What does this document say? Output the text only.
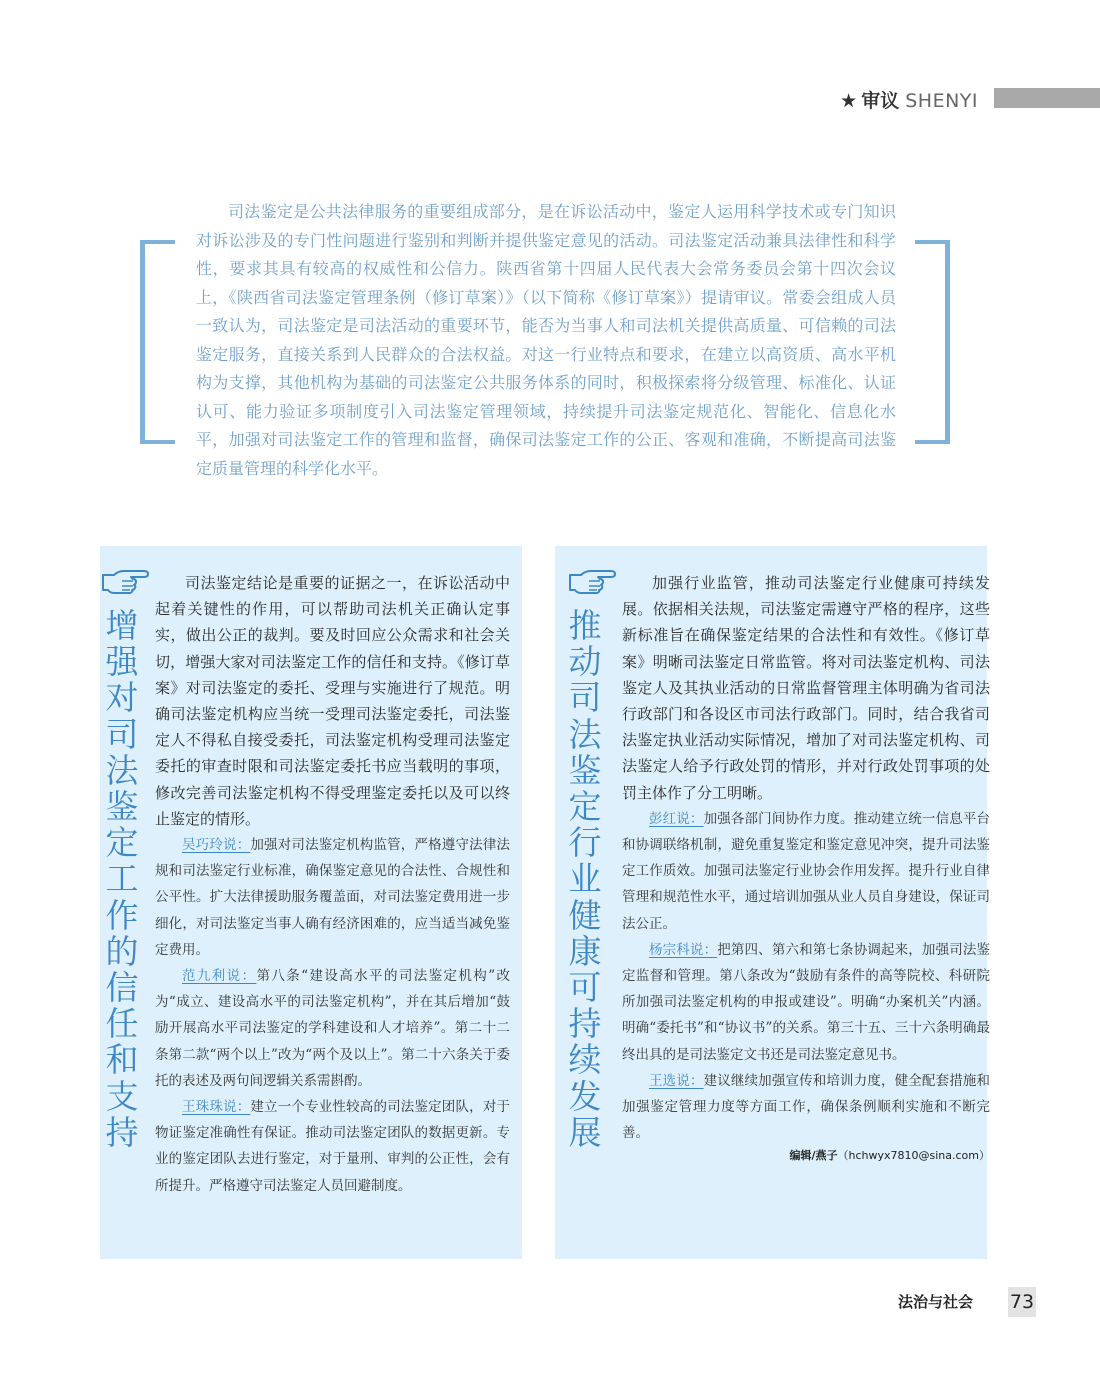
★ 审议 SHENYI

司法鉴定是公共法律服务的重要组成部分，是在诉讼活动中，鉴定人运用科学技术或专门知识对诉讼涉及的专门性问题进行鉴别和判断并提供鉴定意见的活动。司法鉴定活动兼具法律性和科学性，要求其具有较高的权威性和公信力。陕西省第十四届人民代表大会常务委员会第十四次会议上，《陕西省司法鉴定管理条例（修订草案）》（以下简称《修订草案》）提请审议。常委会组成人员一致认为，司法鉴定是司法活动的重要环节，能否为当事人和司法机关提供高质量、可信赖的司法鉴定服务，直接关系到人民群众的合法权益。对这一行业特点和要求，在建立以高资质、高水平机构为支撑，其他机构为基础的司法鉴定公共服务体系的同时，积极探索将分级管理、标准化、认证认可、能力验证多项制度引入司法鉴定管理领域，持续提升司法鉴定规范化、智能化、信息化水平，加强对司法鉴定工作的管理和监督，确保司法鉴定工作的公正、客观和准确，不断提高司法鉴定质量管理的科学化水平。

增强对司法鉴定工作的信任和支持

司法鉴定结论是重要的证据之一，在诉讼活动中起着关键性的作用，可以帮助司法机关正确认定事实，做出公正的裁判。要及时回应公众需求和社会关切，增强大家对司法鉴定工作的信任和支持。《修订草案》对司法鉴定的委托、受理与实施进行了规范。明确司法鉴定机构应当统一受理司法鉴定委托，司法鉴定人不得私自接受委托，司法鉴定机构受理司法鉴定委托的审查时限和司法鉴定委托书应当载明的事项，修改完善司法鉴定机构不得受理鉴定委托以及可以终止鉴定的情形。

吴巧玲说：加强对司法鉴定机构监管，严格遵守法律法规和司法鉴定行业标准，确保鉴定意见的合法性、合规性和公平性。扩大法律援助服务覆盖面，对司法鉴定费用进一步细化，对司法鉴定当事人确有经济困难的，应当适当减免鉴定费用。

范九利说：第八条“建设高水平的司法鉴定机构”改为“成立、建设高水平的司法鉴定机构”，并在其后增加“鼓励开展高水平司法鉴定的学科建设和人才培养”。第二十二条第二款“两个以上”改为“两个及以上”。第二十六条关于委托的表述及两句间逻辑关系需斟酌。

王珠珠说：建立一个专业性较高的司法鉴定团队，对于物证鉴定准确性有保证。推动司法鉴定团队的数据更新。专业的鉴定团队去进行鉴定，对于量刑、审判的公正性，会有所提升。严格遵守司法鉴定人员回避制度。

推动司法鉴定行业健康可持续发展

加强行业监管，推动司法鉴定行业健康可持续发展。依据相关法规，司法鉴定需遵守严格的程序，这些新标准旨在确保鉴定结果的合法性和有效性。《修订草案》明晰司法鉴定日常监管。将对司法鉴定机构、司法鉴定人及其执业活动的日常监督管理主体明确为省司法行政部门和各设区市司法行政部门。同时，结合我省司法鉴定执业活动实际情况，增加了对司法鉴定机构、司法鉴定人给予行政处罚的情形，并对行政处罚事项的处罚主体作了分工明晰。

彭红说：加强各部门间协作力度。推动建立统一信息平台和协调联络机制，避免重复鉴定和鉴定意见冲突，提升司法鉴定工作质效。加强司法鉴定行业协会作用发挥。提升行业自律管理和规范性水平，通过培训加强从业人员自身建设，保证司法公正。

杨宗科说：把第四、第六和第七条协调起来，加强司法鉴定监督和管理。第八条改为“鼓励有条件的高等院校、科研院所加强司法鉴定机构的申报或建设”。明确“办案机关”内涵。明确“委托书”和“协议书”的关系。第三十五、三十六条明确最终出具的是司法鉴定文书还是司法鉴定意见书。

王选说：建议继续加强宣传和培训力度，健全配套措施和加强鉴定管理力度等方面工作，确保条例顺利实施和不断完善。

编辑/燕子（hchwyx7810@sina.com）

法治与社会 73
